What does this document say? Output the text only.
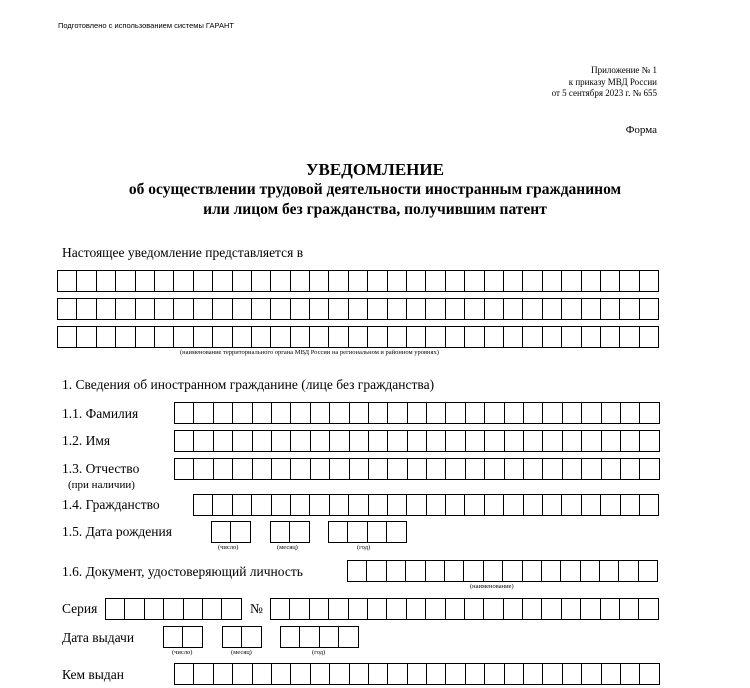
Подготовлено с использованием системы ГАРАНТ
Приложение № 1
к приказу МВД России
от 5 сентября 2023 г. № 655
Форма
УВЕДОМЛЕНИЕ
об осуществлении трудовой деятельности иностранным гражданином
или лицом без гражданства, получившим патент
Настоящее уведомление представляется в
(наименование территориального органа МВД России на региональном и районном уровнях)
1. Сведения об иностранном гражданине (лице без гражданства)
1.1. Фамилия
1.2. Имя
1.3. Отчество
(при наличии)
1.4. Гражданство
1.5. Дата рождения
(число)	(месяц)	(год)
1.6. Документ, удостоверяющий личность
(наименование)
Серия	№
Дата выдачи
(число)	(месяц)	(год)
Кем выдан
